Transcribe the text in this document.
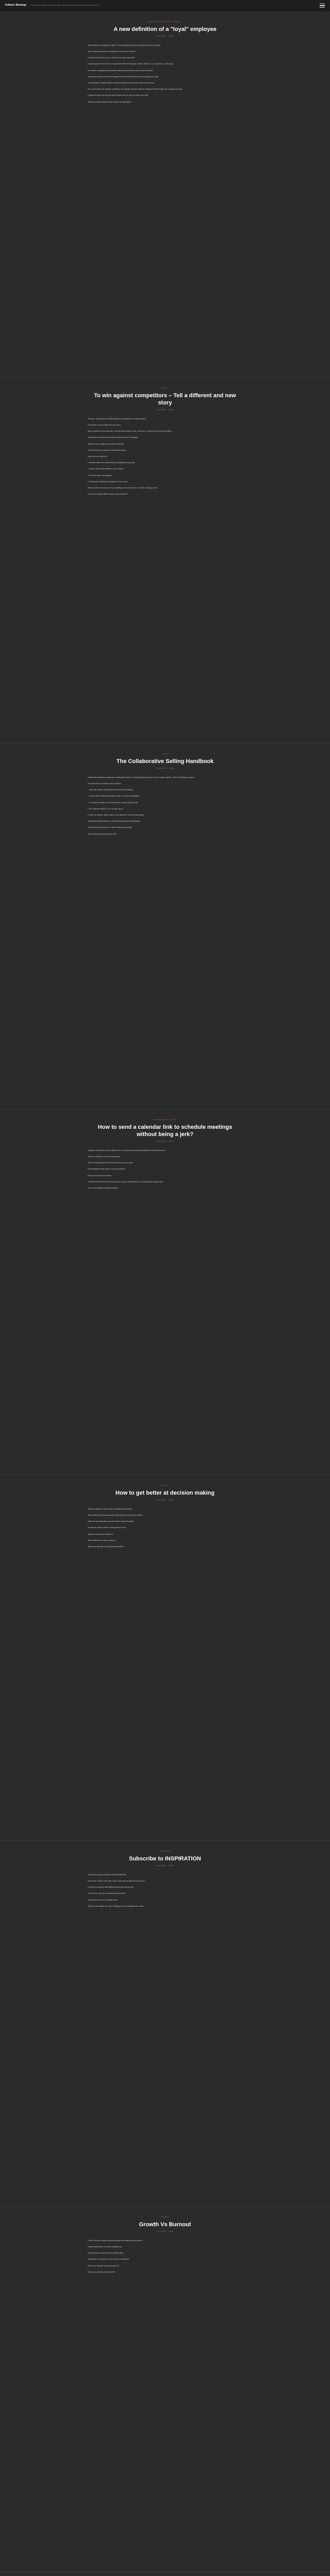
Fellow's Musings	Thoughts about people, relationships, sales, marketing, and a few random topics from a curious mind
BUSINESS DEVELOPMENT · PEOPLE
A new definition of a "loyal" employee
July 28, 2022 Fellow

What exactly is an employee's "loyalty"? That's something that we've all wrestled with for a long time.

Does it mean you stay with a company for the rest of your career?

Is it about how hard you work, or how much you give of yourself?

A loyal employee is one who has an agreement with their employer, whether written or not, to behave in a certain way.

For instance, employees and employers shake hands on what's expected from both sides.

An employee's duty to do the work assigned to them and the employer's role in paying them fairly.

A new definition of loyalty might be a shared commitment to what each other needs to thrive.

This could look like the employer investing in the employee's growth, while the employee invests energy in the company's success.

Loyalty isn't about how long you stay. It's about how you show up while you're there.

What do you think makes someone loyal to an organization?

PEOPLE
To win against competitors – Tell a different and new story
July 14, 2022 Fellow

Recently, I was asked how to differentiate from competitors in a crowded market.

The answer is to tell a different and new story.

Most companies tell the same story. They talk about features, price, and service. Customers have heard it all before.

Instead, tell a story about the customer's world and how it's changing.

Help them see a problem they haven't noticed yet.

Then show how your solution fits into that new world.

Here's how you might do it:

1. Identify a shift in the market that your competitors are ignoring.

2. Explain why this shift matters to your customer.

3. Show the risks of not adapting.

4. Position your offering as the bridge to the new world.

When you tell a new story, you stop competing on the same terms. You create a category of one.

How are you telling a different story to your customers?

SALES
The Collaborative Selling Handbook
June 30, 2022 Fellow

Collaborative selling is an approach to selling that focuses on working with your customer to find a solution together, rather than pushing a product.

This handbook is a summary of key principles.

1. Start with curiosity. Ask questions before you pitch anything.

2. Listen actively. Reflect back what you hear to confirm understanding.

3. Co-create the solution. Invite the customer to shape what you offer.

4. Be transparent about fit. If it's not right, say so.

5. Share the decision. Make it easy for the customer to move forward together.

Collaborative selling builds trust, and trust builds long-term relationships.

It's not about winning a deal. It's about building a partnership.

What principles guide the way you sell?

COMMUNICATION · SALES
How to send a calendar link to schedule meetings without being a jerk?
June 16, 2022 Fellow

Sending a calendar link can feel efficient, but it can also come across as dismissive if it's done without care.

Here are a few tips to make it more personal:

Offer a few specific times first, then share the link as an option.

Acknowledge the other person's time and schedule.

Keep the tone warm and flexible.

A calendar link should be a convenience, not a way to shift the burden of scheduling onto someone else.

How do you handle scheduling meetings?

PEOPLE
How to get better at decision making
June 2, 2022 Fellow

Decision-making is a skill that can be developed with practice.

Start by defining the decision clearly. What exactly are you trying to decide?

Gather enough information, but don't wait for perfect information.

Consider the options and the consequences of each.

Make the decision and commit to it.

Reflect afterward on what you learned.

What's your approach to making tough decisions?

INSPIRATION
Subscribe to INSPIRATION
May 19, 2022 Fellow

I've started a weekly newsletter called INSPIRATION.

Each week, I'll share a few ideas, stories, and resources that have inspired me.

The goal is to help you think differently about your work and life.

It's short, free, and you can unsubscribe at any time.

If you'd like to receive it, subscribe below.

Thank you for reading, and I hope it brings you a bit of inspiration each week.

PEOPLE
Growth Vs Burnout
May 5, 2022 Fellow

There's a fine line between pushing for growth and heading toward burnout.

Growth stretches you, but it also energizes you.

Burnout drains you and leaves you feeling empty.

Pay attention to the signs. Are you excited or exhausted?

Rest is part of growth, not the opposite of it.

How do you balance growth and rest?
